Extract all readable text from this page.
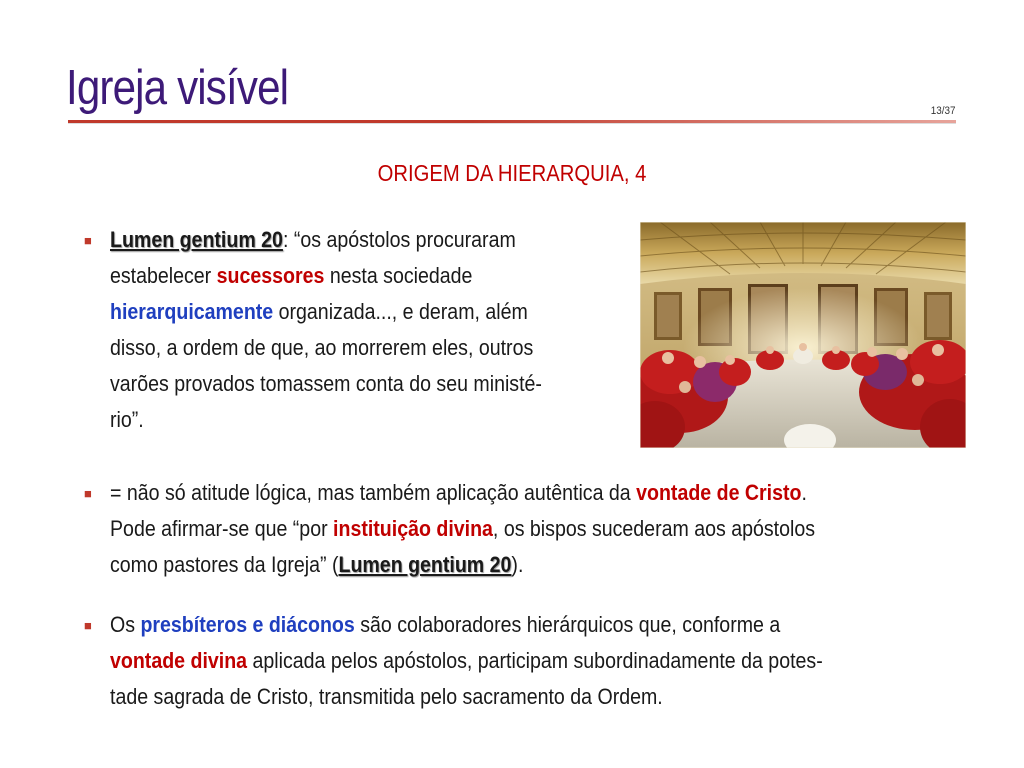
Igreja visível	13/37
ORIGEM DA HIERARQUIA, 4
■ Lumen gentium 20: “os apóstolos procuraram
estabelecer sucessores nesta sociedade
hierarquicamente organizada..., e deram, além
disso, a ordem de que, ao morrerem eles, outros
varões provados tomassem conta do seu ministé-
rio”.
■ = não só atitude lógica, mas também aplicação autêntica da vontade de Cristo.
Pode afirmar-se que “por instituição divina, os bispos sucederam aos apóstolos
como pastores da Igreja” (Lumen gentium 20).
■ Os presbíteros e diáconos são colaboradores hierárquicos que, conforme a
vontade divina aplicada pelos apóstolos, participam subordinadamente da potes-
tade sagrada de Cristo, transmitida pelo sacramento da Ordem.
